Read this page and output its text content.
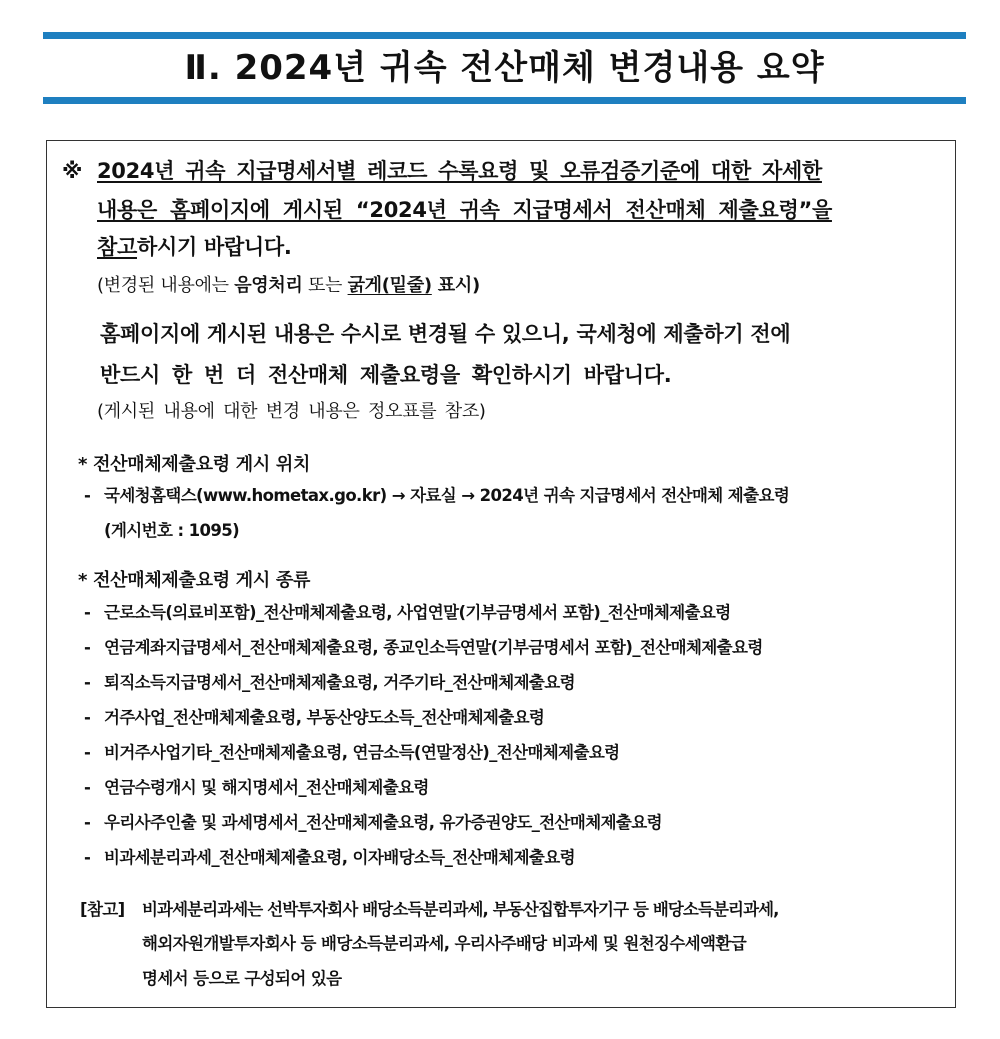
Ⅱ. 2024년 귀속 전산매체 변경내용 요약
※ 2024년 귀속 지급명세서별 레코드 수록요령 및 오류검증기준에 대한 자세한
내용은 홈페이지에 게시된 “2024년 귀속 지급명세서 전산매체 제출요령”을
참고하시기 바랍니다.
(변경된 내용에는 음영처리 또는 굵게(밑줄) 표시)
홈페이지에 게시된 내용은 수시로 변경될 수 있으니, 국세청에 제출하기 전에
반드시 한 번 더 전산매체 제출요령을 확인하시기 바랍니다.
(게시된 내용에 대한 변경 내용은 정오표를 참조)
* 전산매체제출요령 게시 위치
- 국세청홈택스(www.hometax.go.kr) → 자료실 → 2024년 귀속 지급명세서 전산매체 제출요령
(게시번호 : 1095)
* 전산매체제출요령 게시 종류
- 근로소득(의료비포함)_전산매체제출요령, 사업연말(기부금명세서 포함)_전산매체제출요령
- 연금계좌지급명세서_전산매체제출요령, 종교인소득연말(기부금명세서 포함)_전산매체제출요령
- 퇴직소득지급명세서_전산매체제출요령, 거주기타_전산매체제출요령
- 거주사업_전산매체제출요령, 부동산양도소득_전산매체제출요령
- 비거주사업기타_전산매체제출요령, 연금소득(연말정산)_전산매체제출요령
- 연금수령개시 및 해지명세서_전산매체제출요령
- 우리사주인출 및 과세명세서_전산매체제출요령, 유가증권양도_전산매체제출요령
- 비과세분리과세_전산매체제출요령, 이자배당소득_전산매체제출요령
[참고] 비과세분리과세는 선박투자회사 배당소득분리과세, 부동산집합투자기구 등 배당소득분리과세,
해외자원개발투자회사 등 배당소득분리과세, 우리사주배당 비과세 및 원천징수세액환급
명세서 등으로 구성되어 있음
